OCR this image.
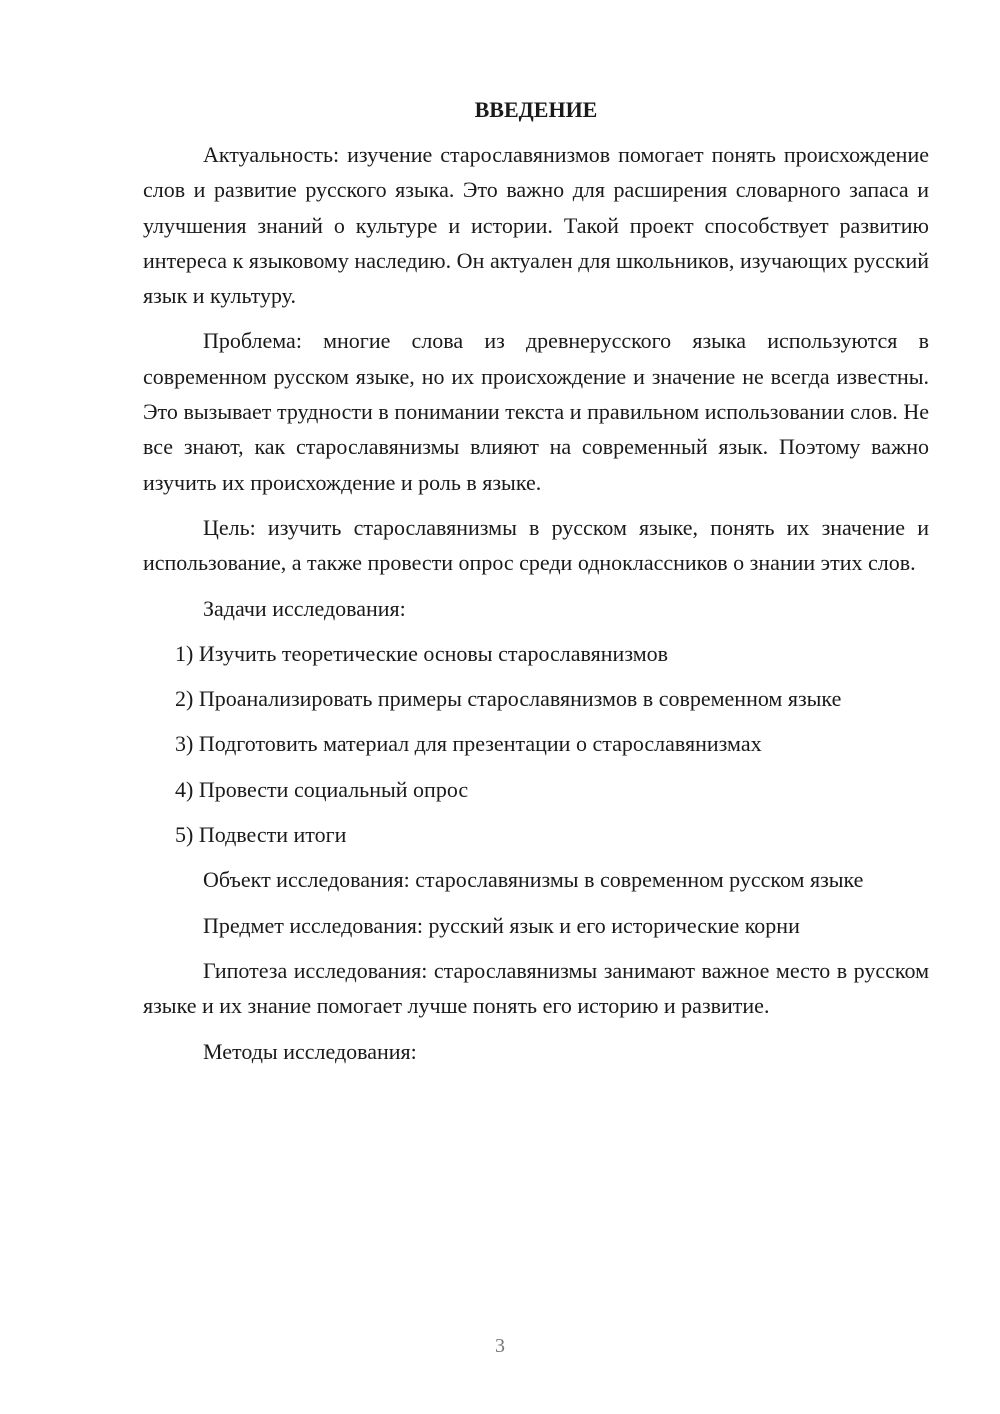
ВВЕДЕНИЕ

Актуальность: изучение старославянизмов помогает понять происхождение слов и развитие русского языка. Это важно для расширения словарного запаса и улучшения знаний о культуре и истории. Такой проект способствует развитию интереса к языковому наследию. Он актуален для школьников, изучающих русский язык и культуру.

Проблема: многие слова из древнерусского языка используются в современном русском языке, но их происхождение и значение не всегда известны. Это вызывает трудности в понимании текста и правильном использовании слов. Не все знают, как старославянизмы влияют на современный язык. Поэтому важно изучить их происхождение и роль в языке.

Цель: изучить старославянизмы в русском языке, понять их значение и использование, а также провести опрос среди одноклассников о знании этих слов.

Задачи исследования:

1) Изучить теоретические основы старославянизмов

2) Проанализировать примеры старославянизмов в современном языке

3) Подготовить материал для презентации о старославянизмах

4) Провести социальный опрос

5) Подвести итоги

Объект исследования: старославянизмы в современном русском языке

Предмет исследования: русский язык и его исторические корни

Гипотеза исследования: старославянизмы занимают важное место в русском языке и их знание помогает лучше понять его историю и развитие.

Методы исследования:

3
